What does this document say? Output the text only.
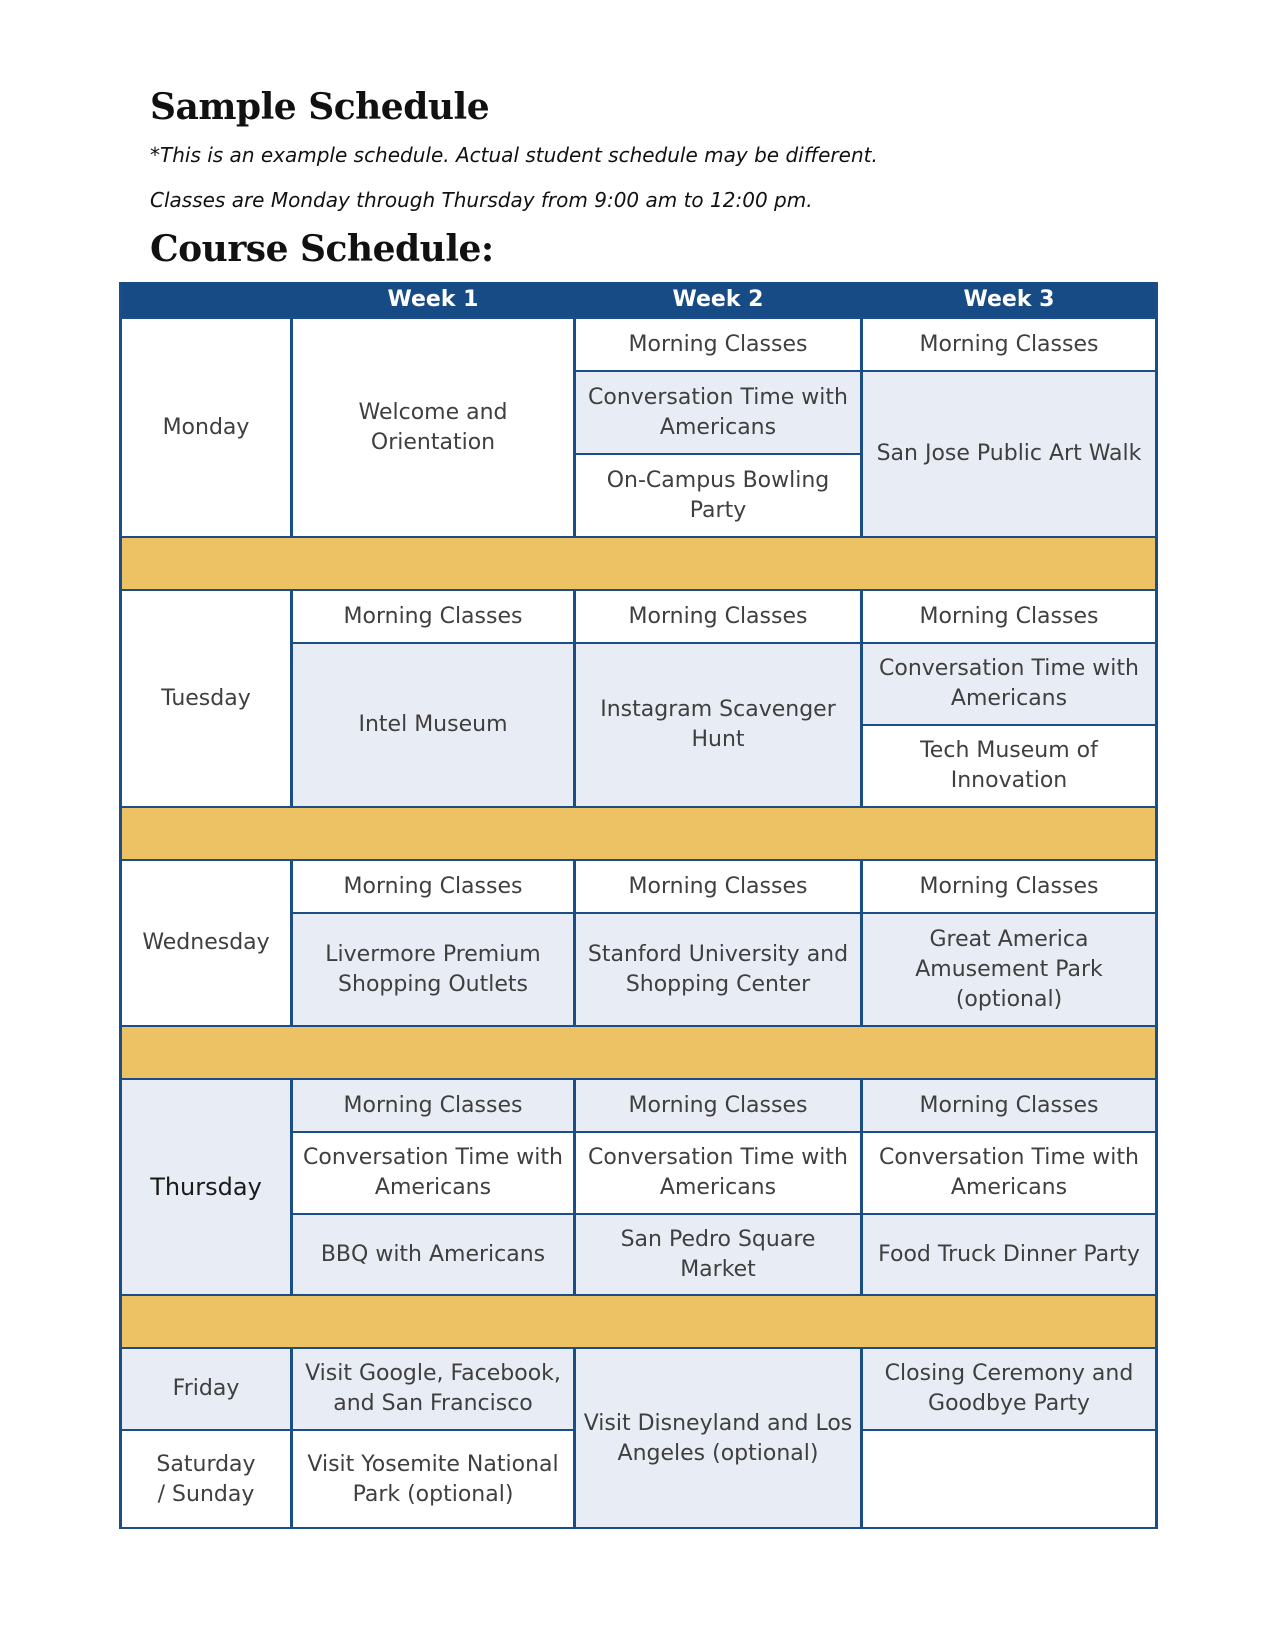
Sample Schedule

*This is an example schedule. Actual student schedule may be different.

Classes are Monday through Thursday from 9:00 am to 12:00 pm.

Course Schedule:
Week 1	Week 2	Week 3
Monday
Welcome and Orientation
Morning Classes
Conversation Time with Americans
On-Campus Bowling Party
Morning Classes
San Jose Public Art Walk
Tuesday
Morning Classes
Intel Museum
Morning Classes
Instagram Scavenger Hunt
Morning Classes
Conversation Time with Americans
Tech Museum of Innovation
Wednesday
Morning Classes
Livermore Premium Shopping Outlets
Morning Classes
Stanford University and Shopping Center
Morning Classes
Great America Amusement Park (optional)
Thursday
Morning Classes
Conversation Time with Americans
BBQ with Americans
Morning Classes
Conversation Time with Americans
San Pedro Square Market
Morning Classes
Conversation Time with Americans
Food Truck Dinner Party
Friday
Visit Google, Facebook, and San Francisco
Visit Disneyland and Los Angeles (optional)
Closing Ceremony and Goodbye Party
Saturday / Sunday
Visit Yosemite National Park (optional)
